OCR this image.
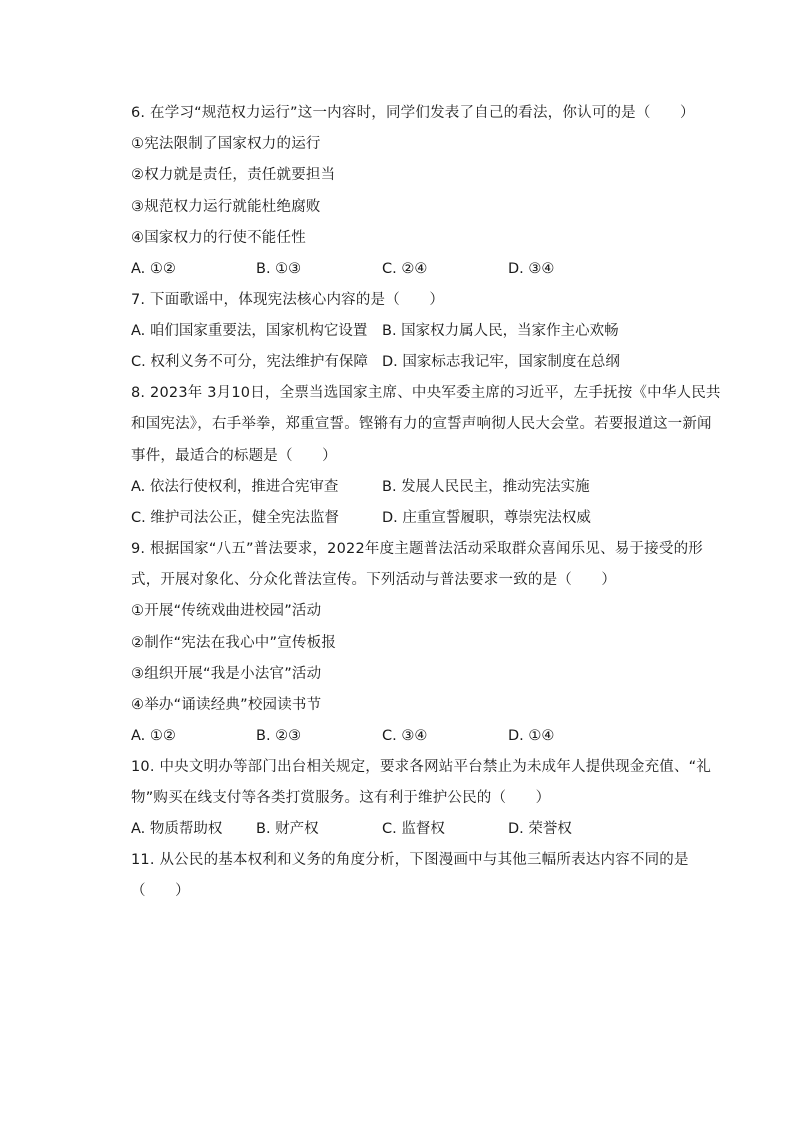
6. 在学习“规范权力运行”这一内容时，同学们发表了自己的看法，你认可的是（　　）
①宪法限制了国家权力的运行
②权力就是责任，责任就要担当
③规范权力运行就能杜绝腐败
④国家权力的行使不能任性
A. ①②	B. ①③	C. ②④	D. ③④
7. 下面歌谣中，体现宪法核心内容的是（　　）
A. 咱们国家重要法，国家机构它设置 B. 国家权力属人民，当家作主心欢畅
C. 权利义务不可分，宪法维护有保障 D. 国家标志我记牢，国家制度在总纲
8. 2023年 3月10日，全票当选国家主席、中央军委主席的习近平，左手抚按《中华人民共
和国宪法》，右手举拳，郑重宣誓。铿锵有力的宣誓声响彻人民大会堂。若要报道这一新闻
事件，最适合的标题是（　　）
A. 依法行使权利，推进合宪审查	B. 发展人民民主，推动宪法实施
C. 维护司法公正，健全宪法监督	D. 庄重宣誓履职，尊崇宪法权威
9. 根据国家“八五”普法要求，2022年度主题普法活动采取群众喜闻乐见、易于接受的形
式，开展对象化、分众化普法宣传。下列活动与普法要求一致的是（　　）
①开展“传统戏曲进校园”活动
②制作“宪法在我心中”宣传板报
③组织开展“我是小法官”活动
④举办“诵读经典”校园读书节
A. ①②	B. ②③	C. ③④	D. ①④
10. 中央文明办等部门出台相关规定，要求各网站平台禁止为未成年人提供现金充值、“礼
物”购买在线支付等各类打赏服务。这有利于维护公民的（　　）
A. 物质帮助权 B. 财产权	C. 监督权	D. 荣誉权
11. 从公民的基本权利和义务的角度分析，下图漫画中与其他三幅所表达内容不同的是
（　　）
